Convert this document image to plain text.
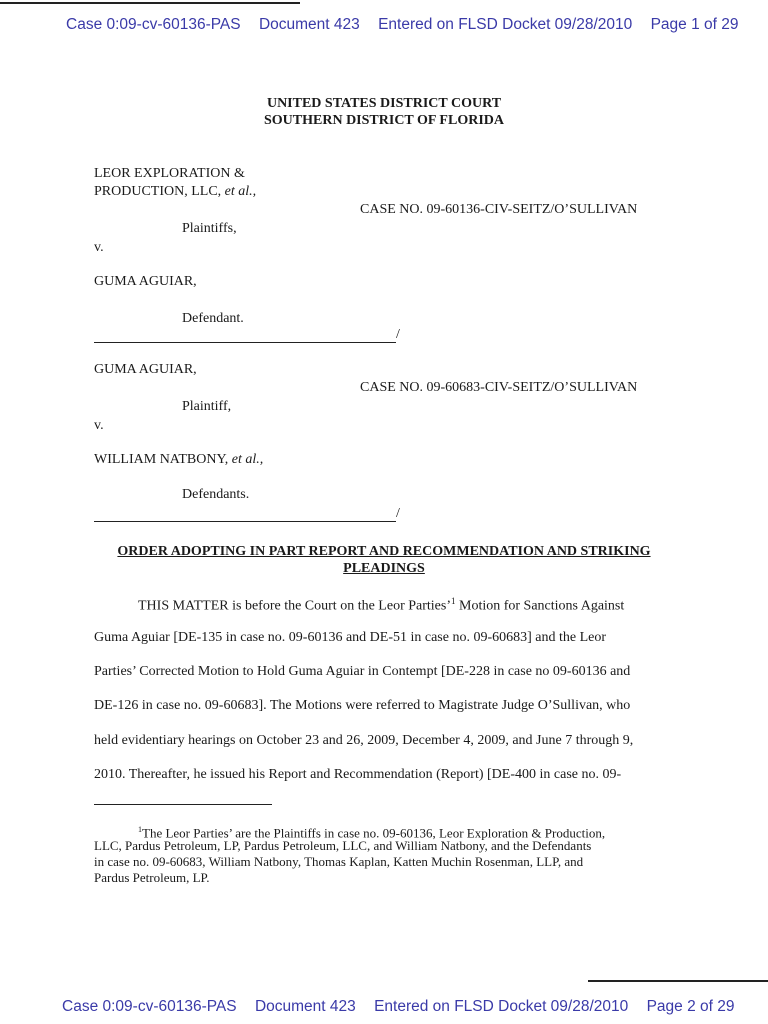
Case 0:09-cv-60136-PAS Document 423 Entered on FLSD Docket 09/28/2010 Page 1 of 29
UNITED STATES DISTRICT COURT
SOUTHERN DISTRICT OF FLORIDA
LEOR EXPLORATION &
PRODUCTION, LLC, et al.,
CASE NO. 09-60136-CIV-SEITZ/O’SULLIVAN
Plaintiffs,
v.
GUMA AGUIAR,
Defendant.
/
GUMA AGUIAR,
CASE NO. 09-60683-CIV-SEITZ/O’SULLIVAN
Plaintiff,
v.
WILLIAM NATBONY, et al.,
Defendants.
/
ORDER ADOPTING IN PART REPORT AND RECOMMENDATION AND STRIKING
PLEADINGS
THIS MATTER is before the Court on the Leor Parties’$^1$ Motion for Sanctions Against
Guma Aguiar [DE-135 in case no. 09-60136 and DE-51 in case no. 09-60683] and the Leor
Parties’ Corrected Motion to Hold Guma Aguiar in Contempt [DE-228 in case no 09-60136 and
DE-126 in case no. 09-60683]. The Motions were referred to Magistrate Judge O’Sullivan, who
held evidentiary hearings on October 23 and 26, 2009, December 4, 2009, and June 7 through 9,
2010. Thereafter, he issued his Report and Recommendation (Report) [DE-400 in case no. 09-
$^1$The Leor Parties’ are the Plaintiffs in case no. 09-60136, Leor Exploration & Production,
LLC, Pardus Petroleum, LP, Pardus Petroleum, LLC, and William Natbony, and the Defendants
in case no. 09-60683, William Natbony, Thomas Kaplan, Katten Muchin Rosenman, LLP, and
Pardus Petroleum, LP.
Case 0:09-cv-60136-PAS Document 423 Entered on FLSD Docket 09/28/2010 Page 2 of 29
